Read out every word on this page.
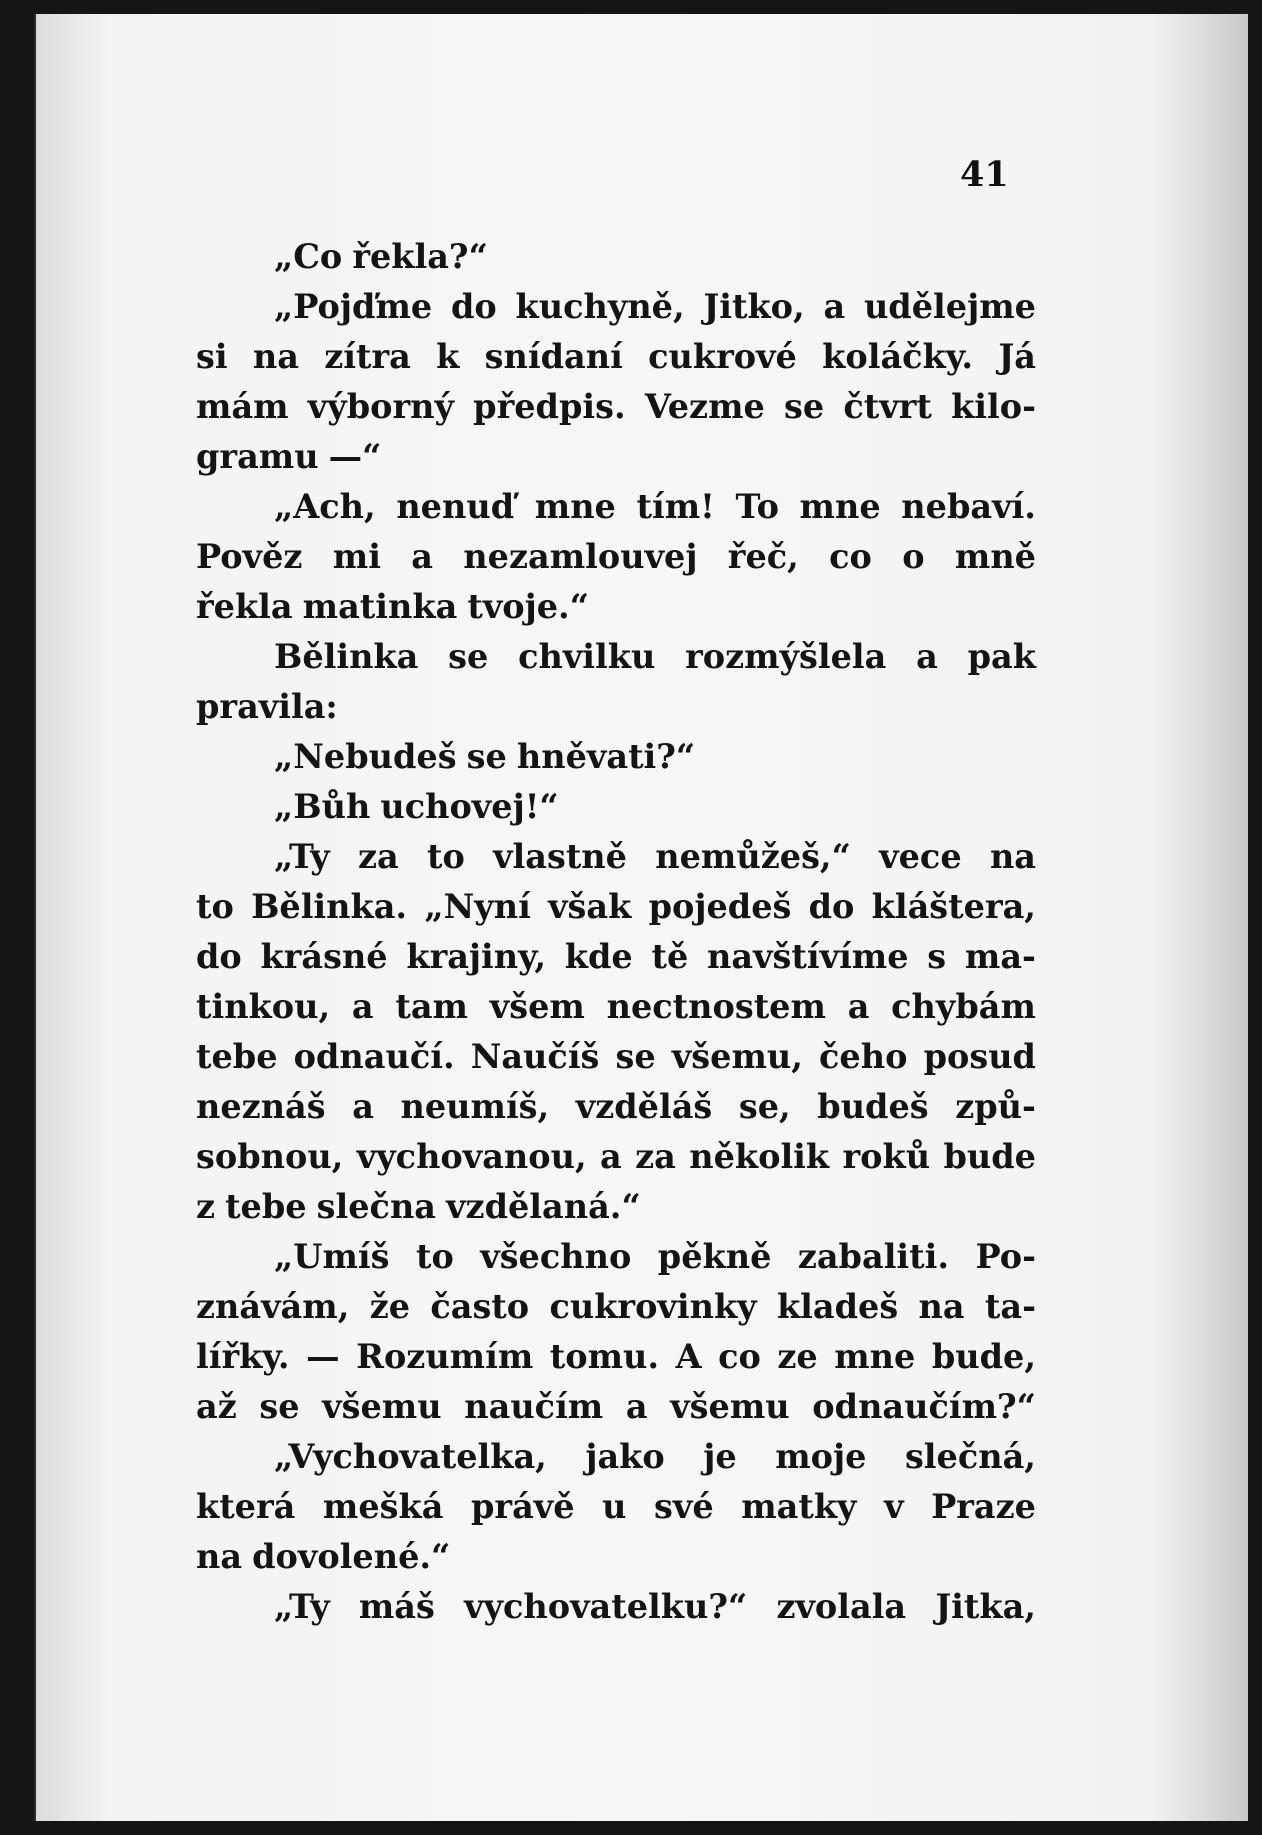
41

„Co řekla?“
„Pojďme do kuchyně, Jitko, a udělejme
si na zítra k snídaní cukrové koláčky. Já
mám výborný předpis. Vezme se čtvrt kilo-
gramu —“
„Ach, nenuď mne tím! To mne nebaví.
Pověz mi a nezamlouvej řeč, co o mně
řekla matinka tvoje.“
Bělinka se chvilku rozmýšlela a pak
pravila:
„Nebudeš se hněvati?“
„Bůh uchovej!“
„Ty za to vlastně nemůžeš,“ vece na
to Bělinka. „Nyní však pojedeš do kláštera,
do krásné krajiny, kde tě navštívíme s ma-
tinkou, a tam všem nectnostem a chybám
tebe odnaučí. Naučíš se všemu, čeho posud
neznáš a neumíš, vzděláš se, budeš způ-
sobnou, vychovanou, a za několik roků bude
z tebe slečna vzdělaná.“
„Umíš to všechno pěkně zabaliti. Po-
znávám, že často cukrovinky kladeš na ta-
lířky. — Rozumím tomu. A co ze mne bude,
až se všemu naučím a všemu odnaučím?“
„Vychovatelka, jako je moje slečná,
která mešká právě u své matky v Praze
na dovolené.“
„Ty máš vychovatelku?“ zvolala Jitka,
